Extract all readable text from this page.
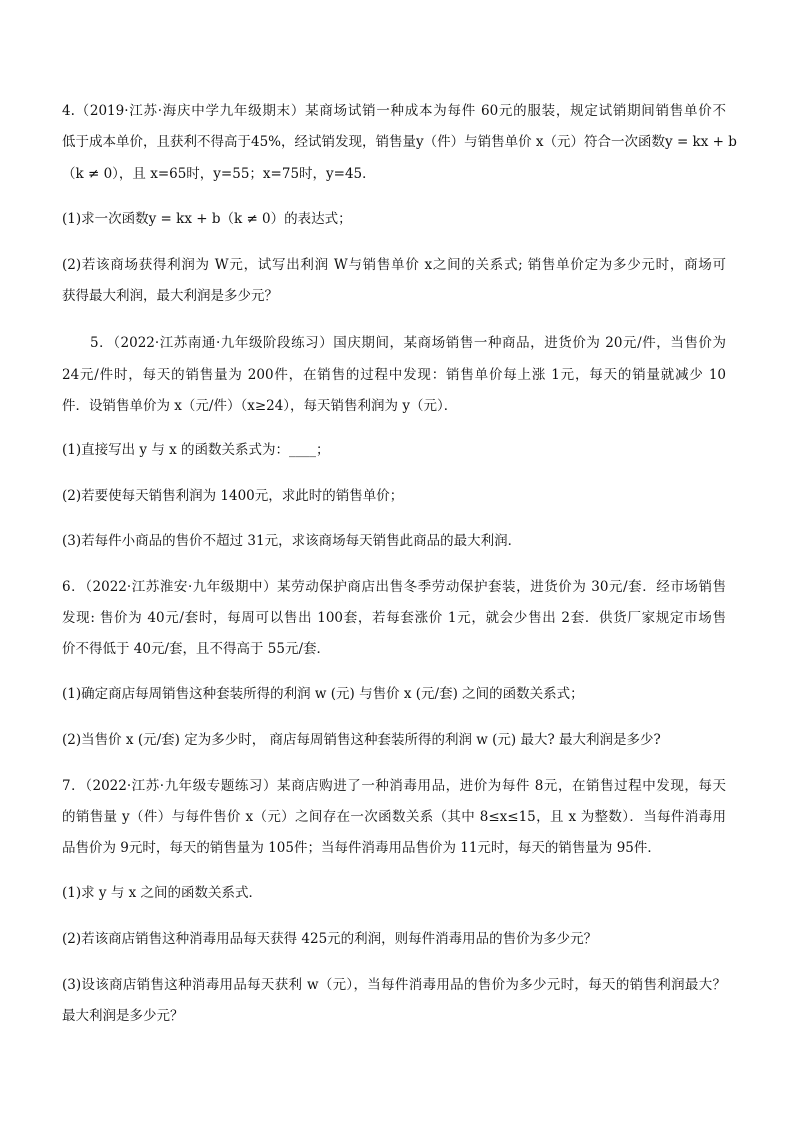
4.（2019·江苏·海庆中学九年级期末）某商场试销一种成本为每件 60元的服装，规定试销期间销售单价不
低于成本单价，且获利不得高于45%，经试销发现，销售量y（件）与销售单价 x（元）符合一次函数y = kx + b
（k ≠ 0），且 x=65时，y=55；x=75时，y=45．
(1)求一次函数y = kx + b（k ≠ 0）的表达式；
(2)若该商场获得利润为 W元，试写出利润 W与销售单价 x之间的关系式; 销售单价定为多少元时，商场可
获得最大利润，最大利润是多少元？
5．（2022·江苏南通·九年级阶段练习）国庆期间，某商场销售一种商品，进货价为 20元/件，当售价为
24元/件时，每天的销售量为 200件，在销售的过程中发现：销售单价每上涨 1元，每天的销量就减少 10
件．设销售单价为 x（元/件）（x≥24），每天销售利润为 y（元）．
(1)直接写出 y 与 x 的函数关系式为：____；
(2)若要使每天销售利润为 1400元，求此时的销售单价；
(3)若每件小商品的售价不超过 31元，求该商场每天销售此商品的最大利润．
6．（2022·江苏淮安·九年级期中）某劳动保护商店出售冬季劳动保护套装，进货价为 30元/套．经市场销售
发现: 售价为 40元/套时，每周可以售出 100套，若每套涨价 1元，就会少售出 2套．供货厂家规定市场售
价不得低于 40元/套，且不得高于 55元/套．
(1)确定商店每周销售这种套装所得的利润 w (元) 与售价 x (元/套) 之间的函数关系式；
(2)当售价 x (元/套) 定为多少时， 商店每周销售这种套装所得的利润 w (元) 最大? 最大利润是多少?
7．（2022·江苏·九年级专题练习）某商店购进了一种消毒用品，进价为每件 8元，在销售过程中发现，每天
的销售量 y（件）与每件售价 x（元）之间存在一次函数关系（其中 8≤x≤15，且 x 为整数）．当每件消毒用
品售价为 9元时，每天的销售量为 105件；当每件消毒用品售价为 11元时，每天的销售量为 95件．
(1)求 y 与 x 之间的函数关系式．
(2)若该商店销售这种消毒用品每天获得 425元的利润，则每件消毒用品的售价为多少元？
(3)设该商店销售这种消毒用品每天获利 w（元），当每件消毒用品的售价为多少元时，每天的销售利润最大？
最大利润是多少元？
